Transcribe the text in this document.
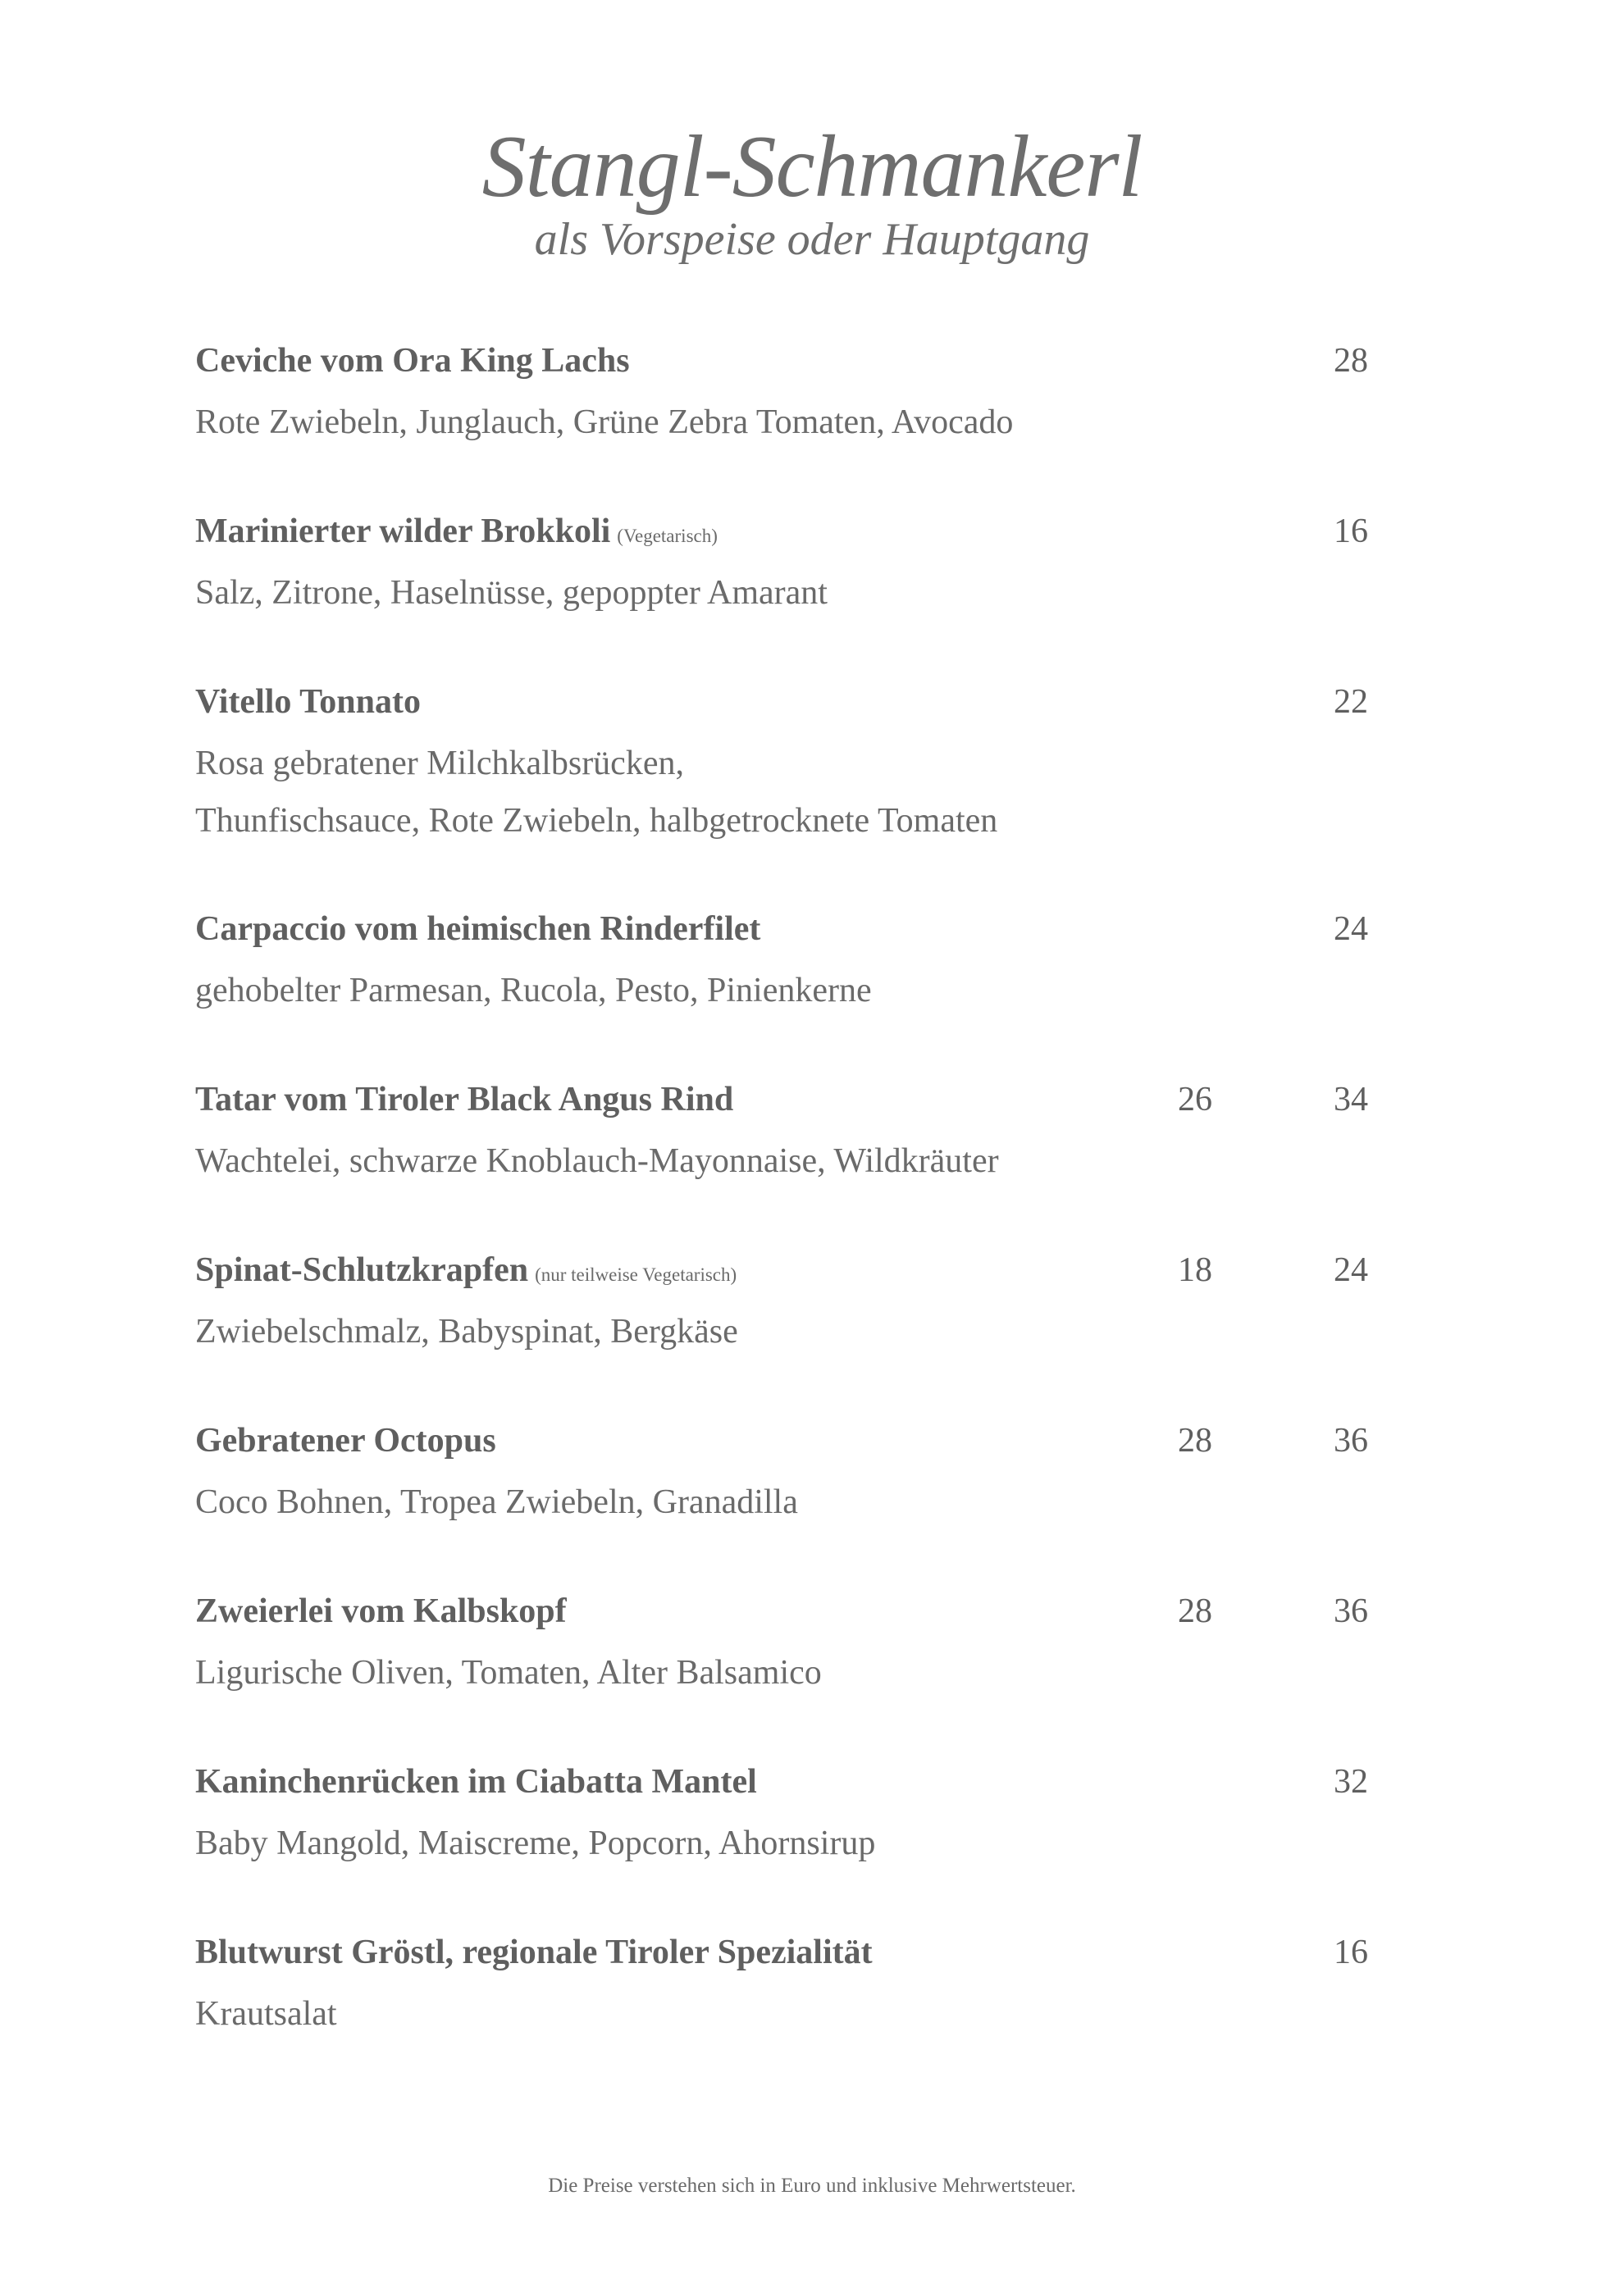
Stangl-Schmankerl
als Vorspeise oder Hauptgang
Ceviche vom Ora King Lachs
Rote Zwiebeln, Junglauch, Grüne Zebra Tomaten, Avocado
28
Marinierter wilder Brokkoli (Vegetarisch)
Salz, Zitrone, Haselnüsse, gepoppter Amarant
16
Vitello Tonnato
Rosa gebratener Milchkalbsrücken,
Thunfischsauce, Rote Zwiebeln, halbgetrocknete Tomaten
22
Carpaccio vom heimischen Rinderfilet
gehobelter Parmesan, Rucola, Pesto, Pinienkerne
24
Tatar vom Tiroler Black Angus Rind
Wachtelei, schwarze Knoblauch-Mayonnaise, Wildkräuter
26	34
Spinat-Schlutzkrapfen (nur teilweise Vegetarisch)
Zwiebelschmalz, Babyspinat, Bergkäse
18	24
Gebratener Octopus
Coco Bohnen, Tropea Zwiebeln, Granadilla
28	36
Zweierlei vom Kalbskopf
Ligurische Oliven, Tomaten, Alter Balsamico
28	36
Kaninchenrücken im Ciabatta Mantel
Baby Mangold, Maiscreme, Popcorn, Ahornsirup
32
Blutwurst Gröstl, regionale Tiroler Spezialität
Krautsalat
16
Die Preise verstehen sich in Euro und inklusive Mehrwertsteuer.
